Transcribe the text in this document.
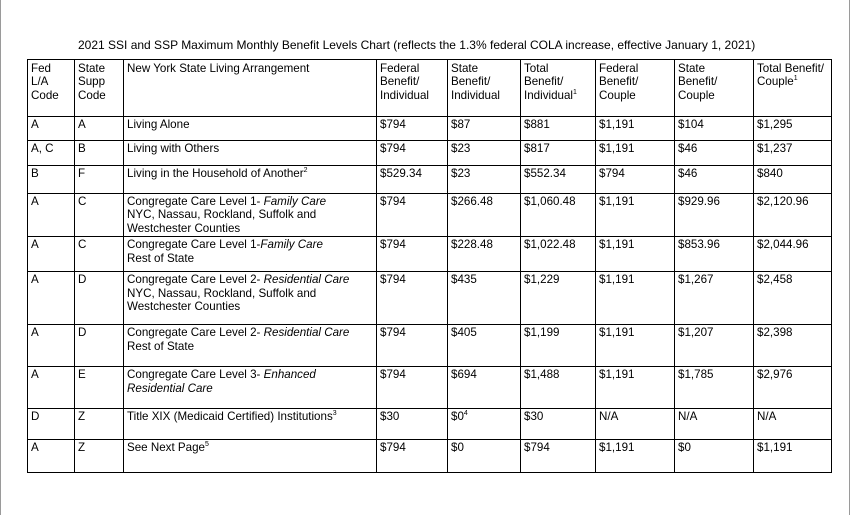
2021 SSI and SSP Maximum Monthly Benefit Levels Chart (reflects the 1.3% federal COLA increase, effective January 1, 2021)
Fed
L/A
Code	State
Supp
Code	New York State Living Arrangement	Federal
Benefit/
Individual	State
Benefit/
Individual	Total
Benefit/
Individual$^1$	Federal
Benefit/
Couple	State
Benefit/
Couple	Total Benefit/
Couple$^1$
A	A	Living Alone	$794	$87	$881	$1,191	$104	$1,295
A, C	B	Living with Others	$794	$23	$817	$1,191	$46	$1,237
B	F	Living in the Household of Another$^2$	$529.34	$23	$552.34	$794	$46	$840
A	C	Congregate Care Level 1- Family Care
NYC, Nassau, Rockland, Suffolk and
Westchester Counties	$794	$266.48	$1,060.48	$1,191	$929.96	$2,120.96
A	C	Congregate Care Level 1-Family Care
Rest of State	$794	$228.48	$1,022.48	$1,191	$853.96	$2,044.96
A	D	Congregate Care Level 2- Residential Care
NYC, Nassau, Rockland, Suffolk and
Westchester Counties	$794	$435	$1,229	$1,191	$1,267	$2,458
A	D	Congregate Care Level 2- Residential Care
Rest of State	$794	$405	$1,199	$1,191	$1,207	$2,398
A	E	Congregate Care Level 3- Enhanced
Residential Care	$794	$694	$1,488	$1,191	$1,785	$2,976
D	Z	Title XIX (Medicaid Certified) Institutions$^3$	$30	$0$^4$	$30	N/A	N/A	N/A
A	Z	See Next Page$^5$	$794	$0	$794	$1,191	$0	$1,191
